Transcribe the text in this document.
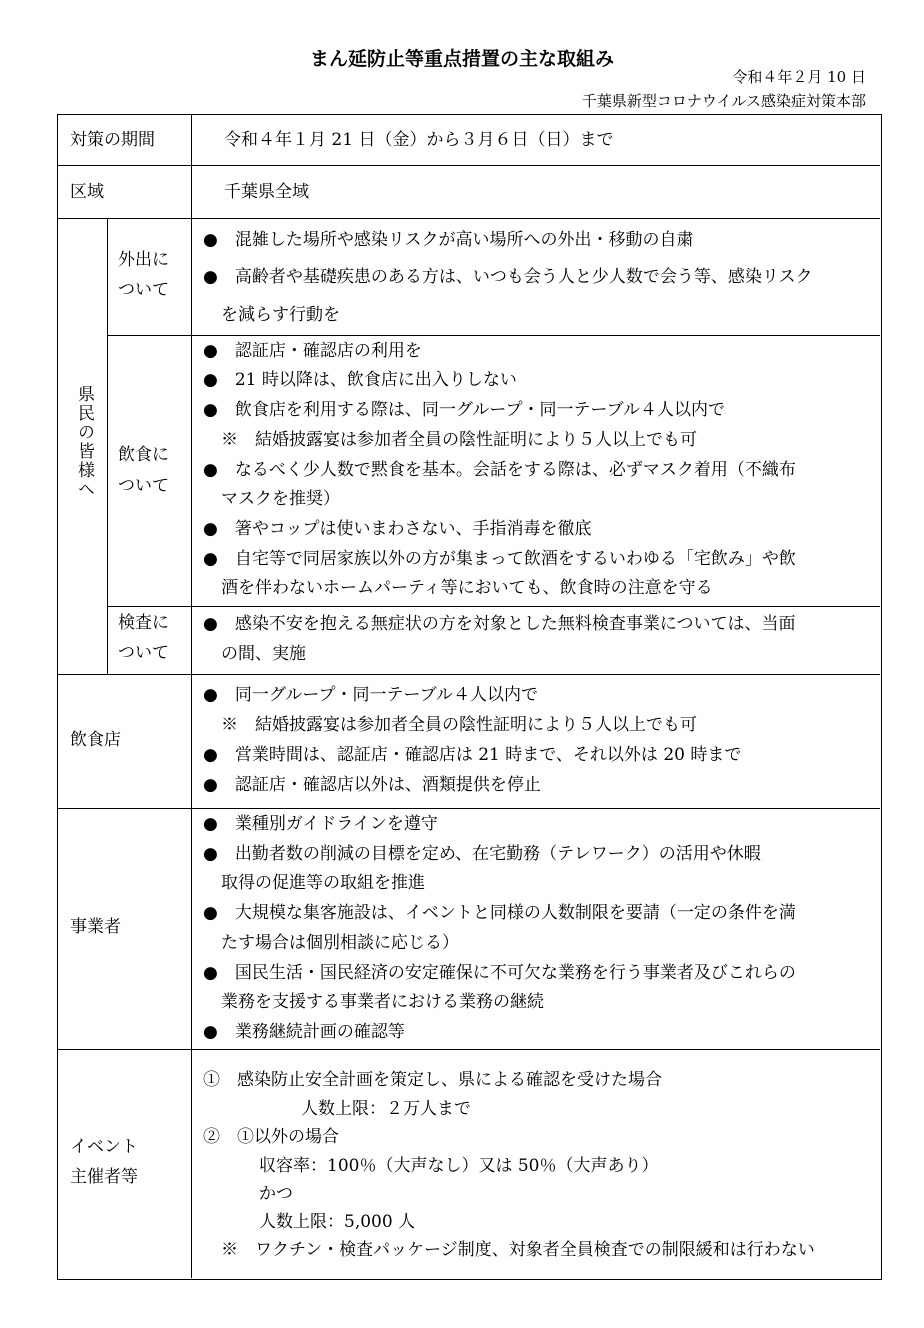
まん延防止等重点措置の主な取組み
令和４年２月 10 日
千葉県新型コロナウイルス感染症対策本部
対策の期間	令和４年１月 21 日（金）から３月６日（日）まで
区域	千葉県全域
県民の皆様へ
外出に
ついて
●　混雑した場所や感染リスクが高い場所への外出・移動の自粛
●　高齢者や基礎疾患のある方は、いつも会う人と少人数で会う等、感染リスク
を減らす行動を
飲食に
ついて
●　認証店・確認店の利用を
●　21 時以降は、飲食店に出入りしない
●　飲食店を利用する際は、同一グループ・同一テーブル４人以内で
※　結婚披露宴は参加者全員の陰性証明により５人以上でも可
●　なるべく少人数で黙食を基本。会話をする際は、必ずマスク着用（不織布
マスクを推奨）
●　箸やコップは使いまわさない、手指消毒を徹底
●　自宅等で同居家族以外の方が集まって飲酒をするいわゆる「宅飲み」や飲
酒を伴わないホームパーティ等においても、飲食時の注意を守る
検査に
ついて
●　感染不安を抱える無症状の方を対象とした無料検査事業については、当面
の間、実施
飲食店
●　同一グループ・同一テーブル４人以内で
※　結婚披露宴は参加者全員の陰性証明により５人以上でも可
●　営業時間は、認証店・確認店は 21 時まで、それ以外は 20 時まで
●　認証店・確認店以外は、酒類提供を停止
事業者
●　業種別ガイドラインを遵守
●　出勤者数の削減の目標を定め、在宅勤務（テレワーク）の活用や休暇
取得の促進等の取組を推進
●　大規模な集客施設は、イベントと同様の人数制限を要請（一定の条件を満
たす場合は個別相談に応じる）
●　国民生活・国民経済の安定確保に不可欠な業務を行う事業者及びこれらの
業務を支援する事業者における業務の継続
●　業務継続計画の確認等
イベント
主催者等
①　感染防止安全計画を策定し、県による確認を受けた場合
人数上限：２万人まで
②　①以外の場合
収容率：100％（大声なし）又は 50％（大声あり）
かつ
人数上限：5,000 人
※　ワクチン・検査パッケージ制度、対象者全員検査での制限緩和は行わない
